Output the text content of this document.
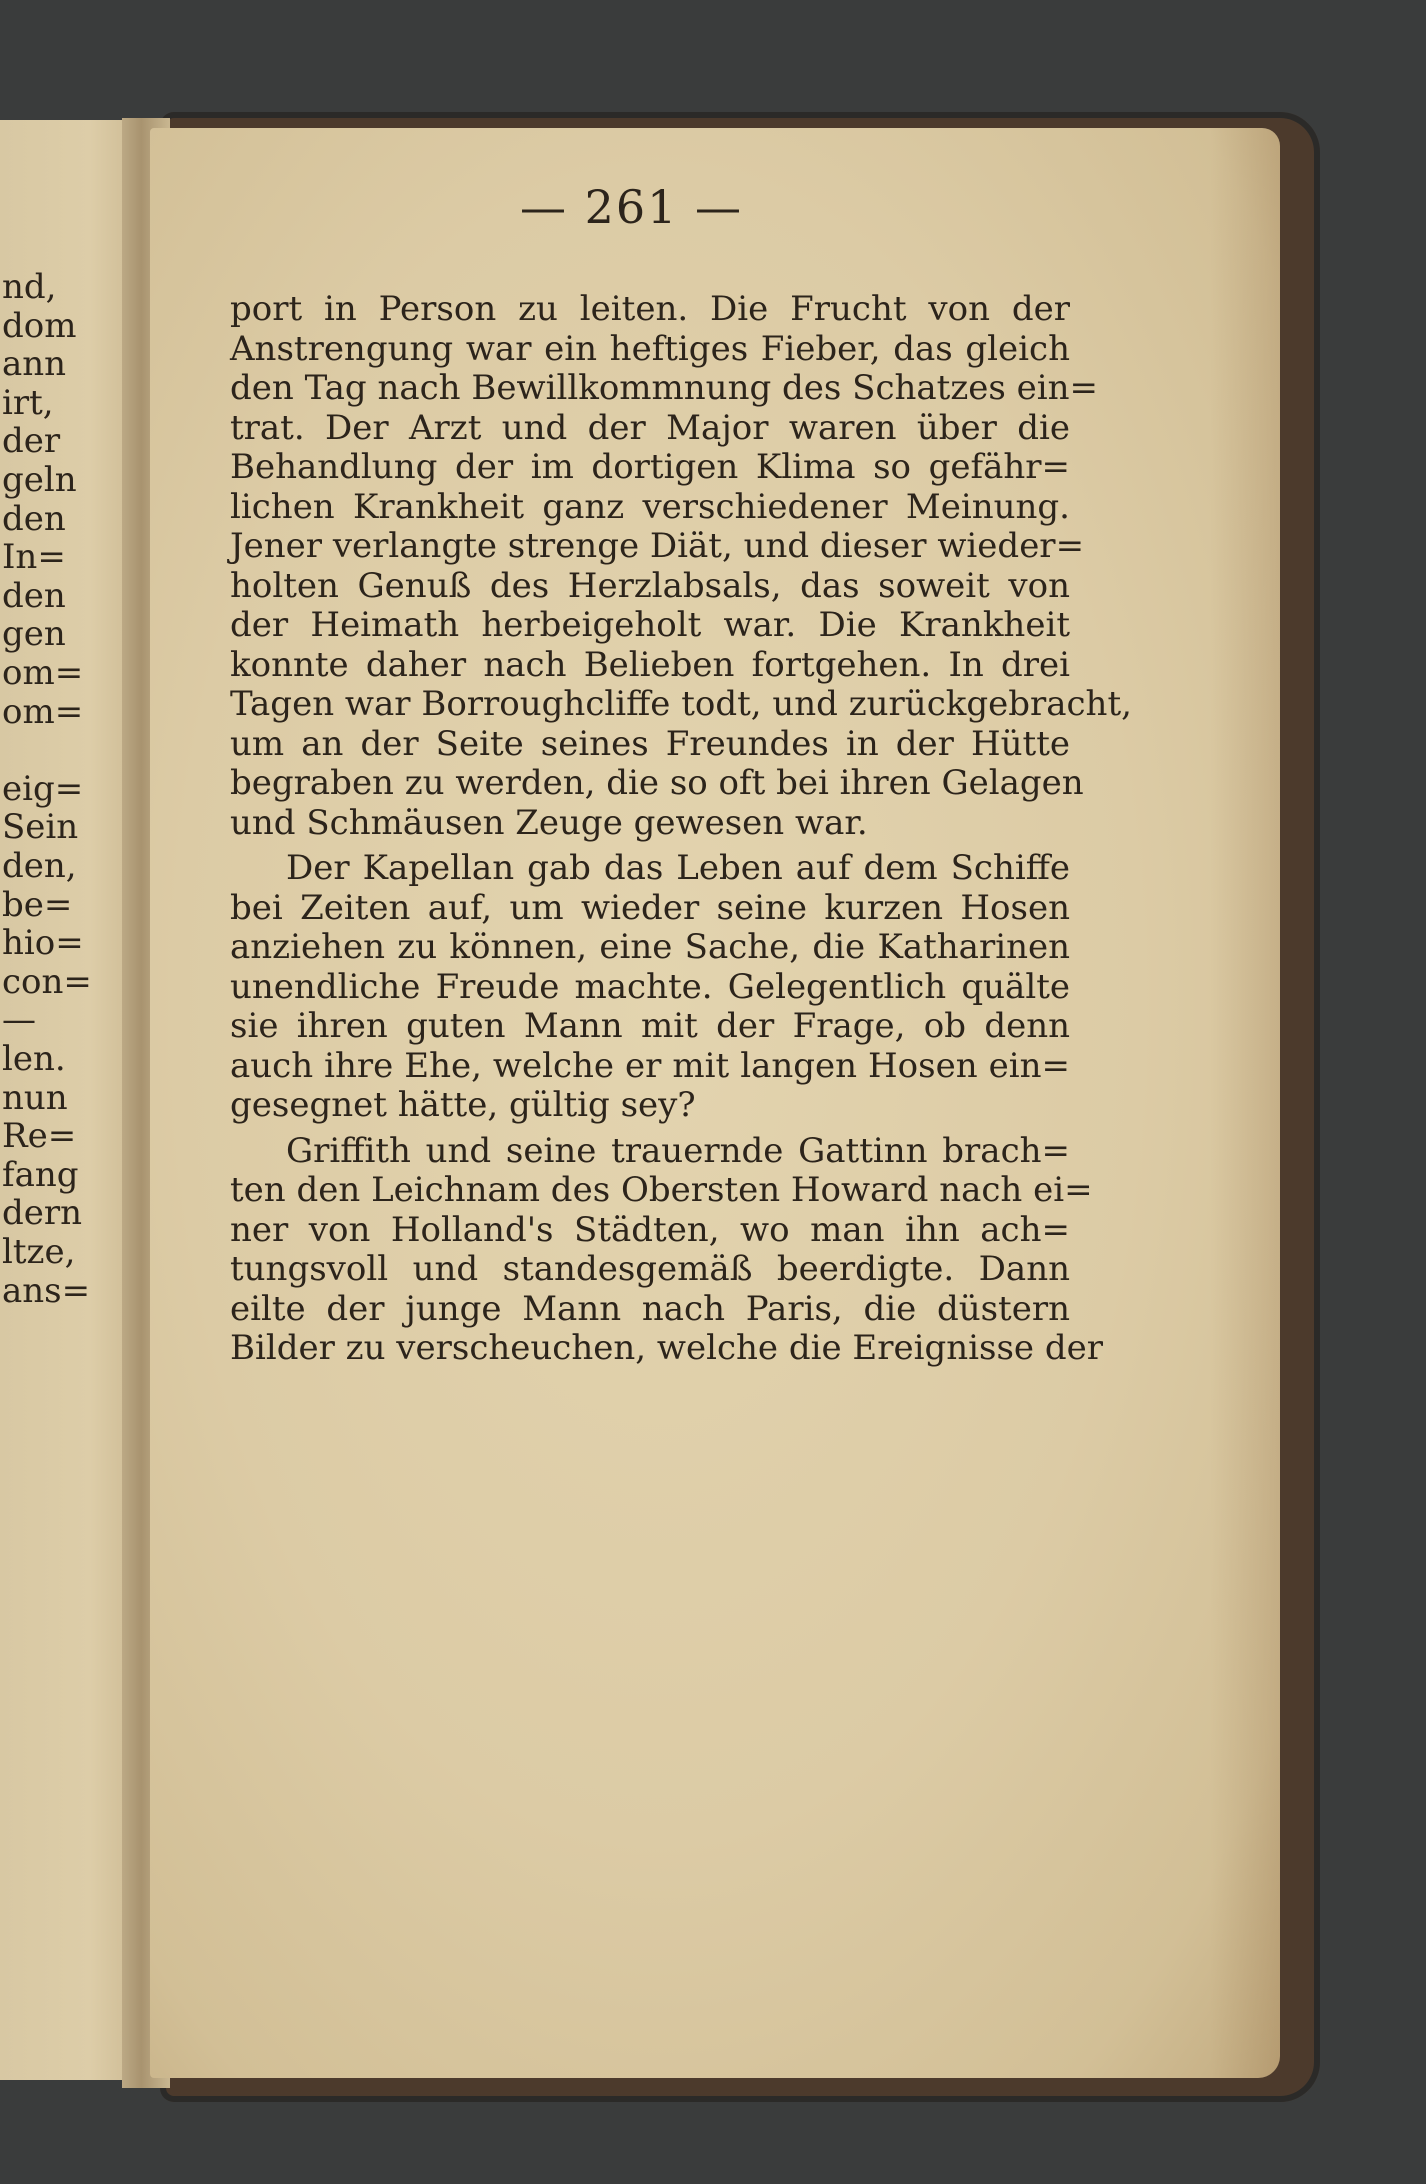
nd,
dom
ann
irt,
der
geln
den
In=
den
gen
om=
om=
eig=
Sein
den,
be=
hio=
con=
—
len.
nun
Re=
fang
dern
ltze,
ans=
— 261 —
port in Person zu leiten. Die Frucht von der
Anstrengung war ein heftiges Fieber, das gleich
den Tag nach Bewillkommnung des Schatzes ein=
trat. Der Arzt und der Major waren über die
Behandlung der im dortigen Klima so gefähr=
lichen Krankheit ganz verschiedener Meinung.
Jener verlangte strenge Diät, und dieser wieder=
holten Genuß des Herzlabsals, das soweit von
der Heimath herbeigeholt war. Die Krankheit
konnte daher nach Belieben fortgehen. In drei
Tagen war Borroughcliffe todt, und zurückgebracht,
um an der Seite seines Freundes in der Hütte
begraben zu werden, die so oft bei ihren Gelagen
und Schmäusen Zeuge gewesen war.
Der Kapellan gab das Leben auf dem Schiffe
bei Zeiten auf, um wieder seine kurzen Hosen
anziehen zu können, eine Sache, die Katharinen
unendliche Freude machte. Gelegentlich quälte
sie ihren guten Mann mit der Frage, ob denn
auch ihre Ehe, welche er mit langen Hosen ein=
gesegnet hätte, gültig sey?
Griffith und seine trauernde Gattinn brach=
ten den Leichnam des Obersten Howard nach ei=
ner von Holland's Städten, wo man ihn ach=
tungsvoll und standesgemäß beerdigte. Dann
eilte der junge Mann nach Paris, die düstern
Bilder zu verscheuchen, welche die Ereignisse der
